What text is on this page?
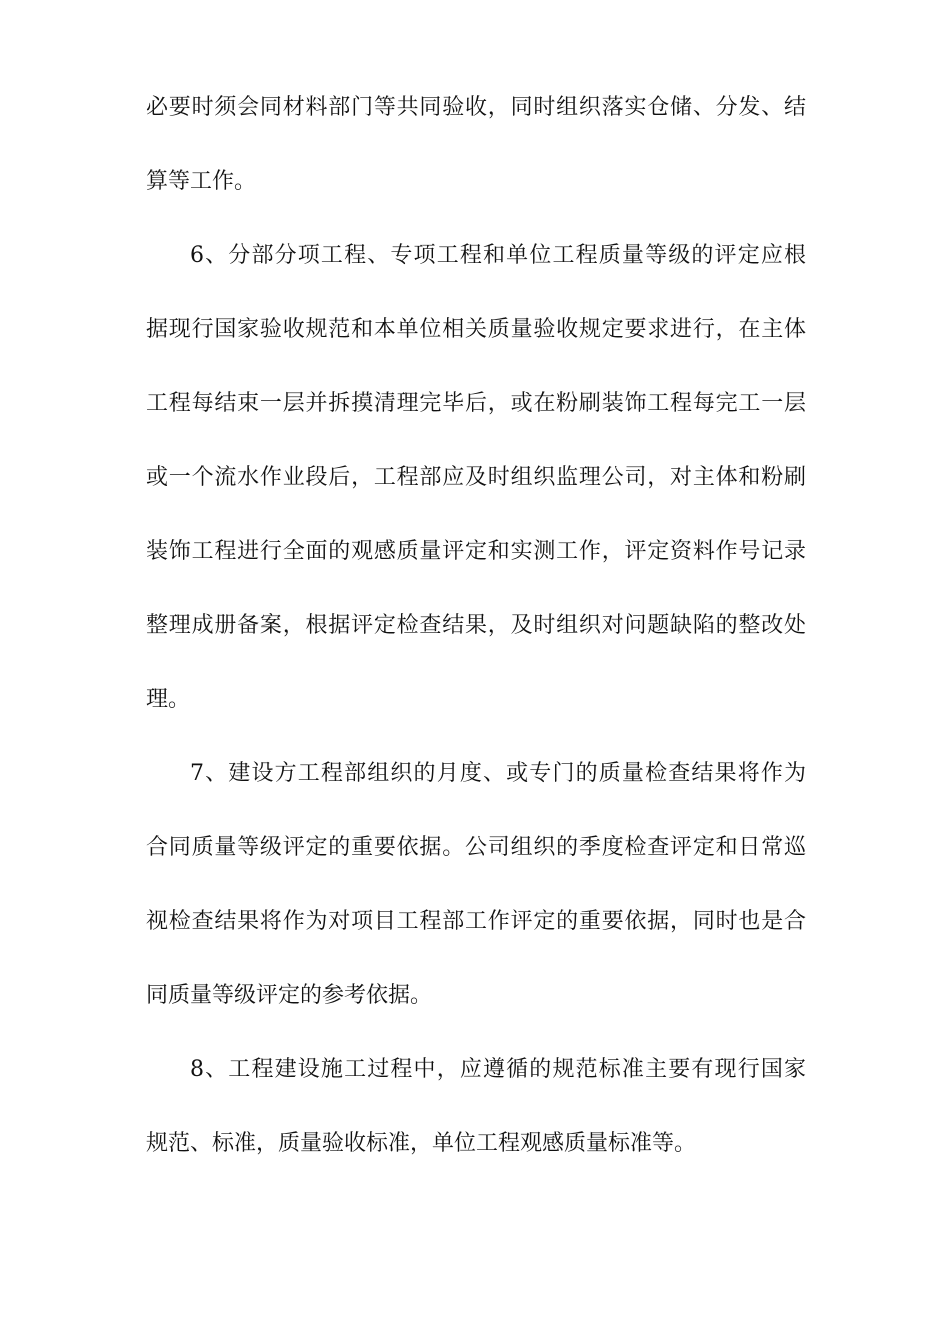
必要时须会同材料部门等共同验收，同时组织落实仓储、分发、结
算等工作。
6、分部分项工程、专项工程和单位工程质量等级的评定应根
据现行国家验收规范和本单位相关质量验收规定要求进行，在主体
工程每结束一层并拆摸清理完毕后，或在粉刷装饰工程每完工一层
或一个流水作业段后，工程部应及时组织监理公司，对主体和粉刷
装饰工程进行全面的观感质量评定和实测工作，评定资料作号记录
整理成册备案，根据评定检查结果，及时组织对问题缺陷的整改处
理。
7、建设方工程部组织的月度、或专门的质量检查结果将作为
合同质量等级评定的重要依据。公司组织的季度检查评定和日常巡
视检查结果将作为对项目工程部工作评定的重要依据，同时也是合
同质量等级评定的参考依据。
8、工程建设施工过程中，应遵循的规范标准主要有现行国家
规范、标准，质量验收标准，单位工程观感质量标准等。
